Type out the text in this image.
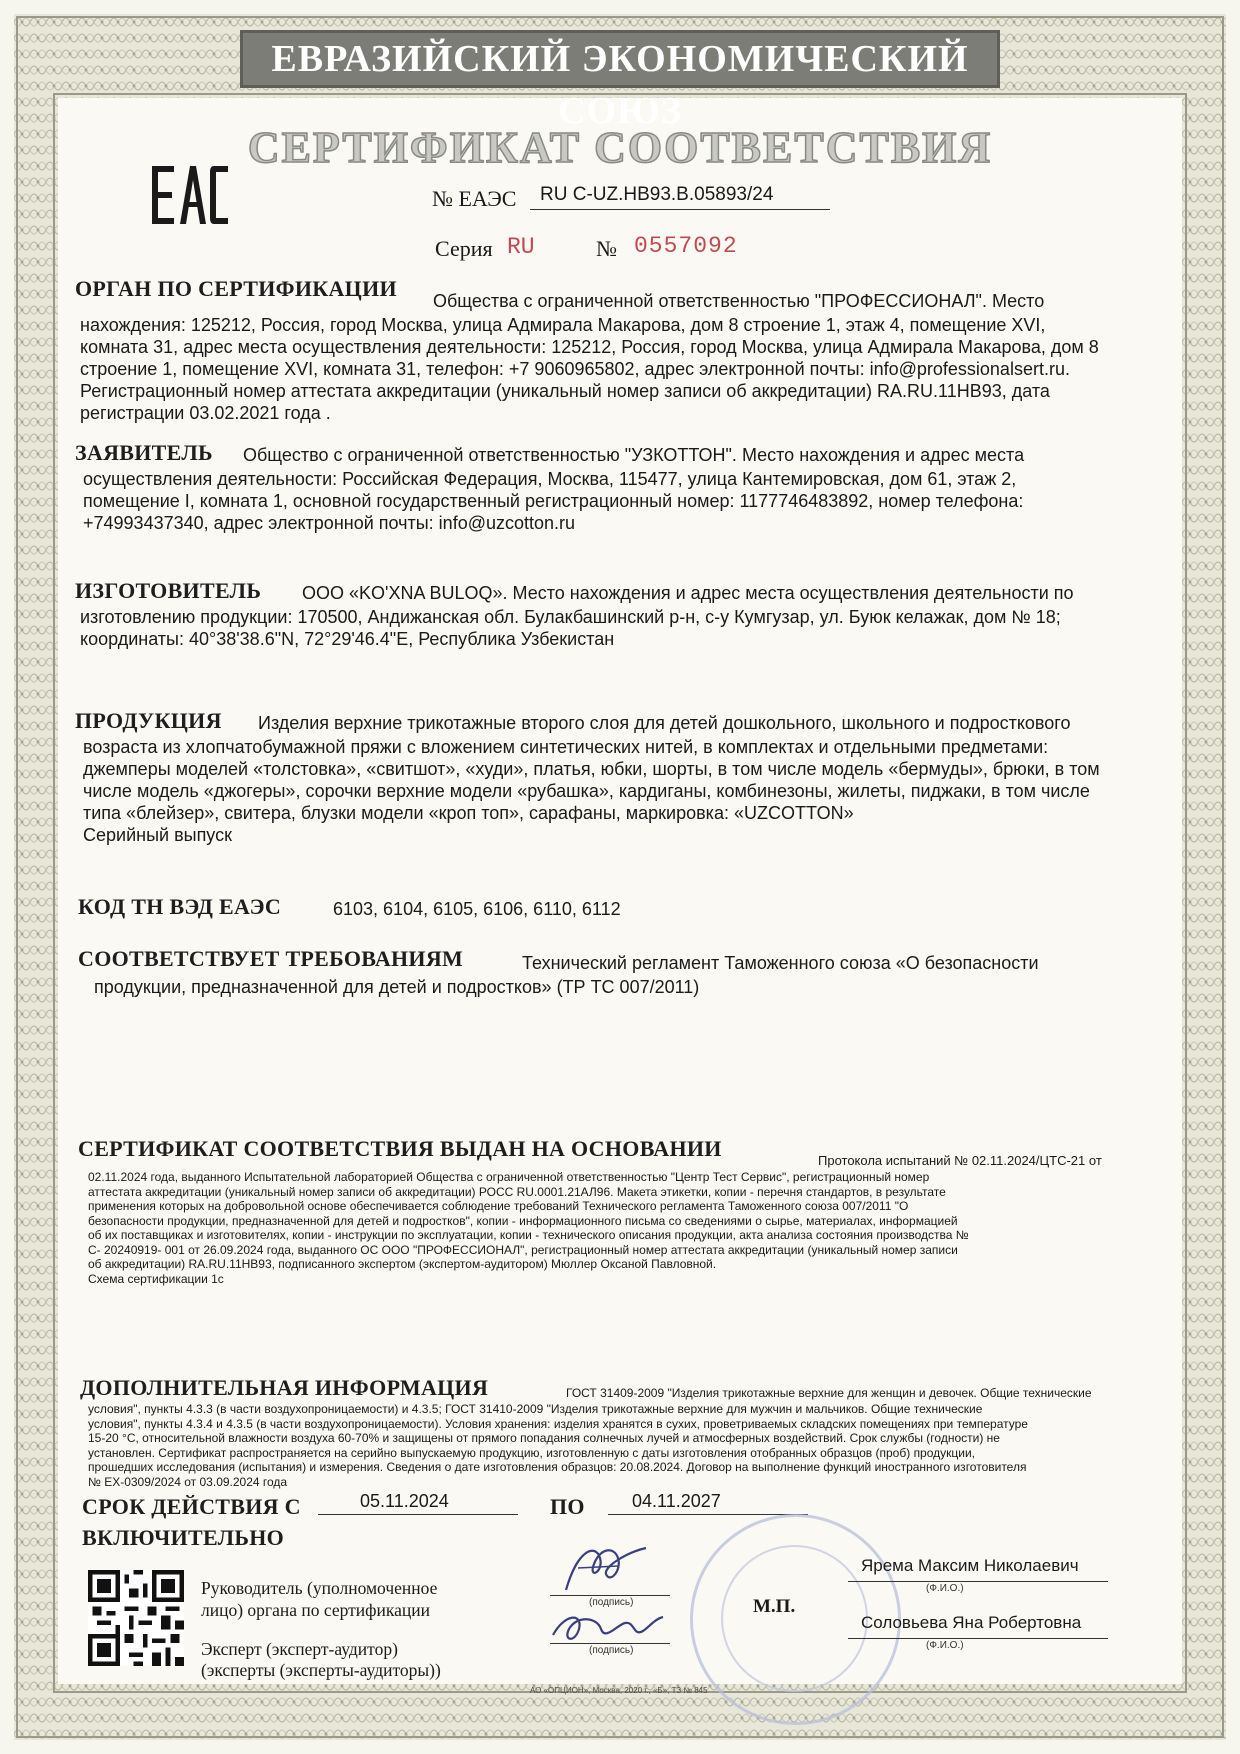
ЕВРАЗИЙСКИЙ ЭКОНОМИЧЕСКИЙ СОЮЗ
СЕРТИФИКАТ СООТВЕТСТВИЯ
№ ЕАЭС RU C-UZ.HB93.B.05893/24
Серия RU	№ 0557092
ОРГАН ПО СЕРТИФИКАЦИИ Общества с ограниченной ответственностью "ПРОФЕССИОНАЛ". Место
нахождения: 125212, Россия, город Москва, улица Адмирала Макарова, дом 8 строение 1, этаж 4, помещение XVI,
комната 31, адрес места осуществления деятельности: 125212, Россия, город Москва, улица Адмирала Макарова, дом 8
строение 1, помещение XVI, комната 31, телефон: +7 9060965802, адрес электронной почты: info@professionalsert.ru.
Регистрационный номер аттестата аккредитации (уникальный номер записи об аккредитации) RA.RU.11HB93, дата
регистрации 03.02.2021 года .
ЗАЯВИТЕЛЬ Общество с ограниченной ответственностью "УЗКОТТОН". Место нахождения и адрес места
осуществления деятельности: Российская Федерация, Москва, 115477, улица Кантемировская, дом 61, этаж 2,
помещение I, комната 1, основной государственный регистрационный номер: 1177746483892, номер телефона:
+74993437340, адрес электронной почты: info@uzcotton.ru
ИЗГОТОВИТЕЛЬ ООО «KO'XNA BULOQ». Место нахождения и адрес места осуществления деятельности по
изготовлению продукции: 170500, Андижанская обл. Булакбашинский р-н, с-у Кумгузар, ул. Буюк келажак, дом № 18;
координаты: 40°38'38.6"N, 72°29'46.4"E, Республика Узбекистан
ПРОДУКЦИЯ Изделия верхние трикотажные второго слоя для детей дошкольного, школьного и подросткового
возраста из хлопчатобумажной пряжи с вложением синтетических нитей, в комплектах и отдельными предметами:
джемперы моделей «толстовка», «свитшот», «худи», платья, юбки, шорты, в том числе модель «бермуды», брюки, в том
числе модель «джогеры», сорочки верхние модели «рубашка», кардиганы, комбинезоны, жилеты, пиджаки, в том числе
типа «блейзер», свитера, блузки модели «кроп топ», сарафаны, маркировка: «UZCOTTON»
Серийный выпуск
КОД ТН ВЭД ЕАЭС	6103, 6104, 6105, 6106, 6110, 6112
СООТВЕТСТВУЕТ ТРЕБОВАНИЯМ	Технический регламент Таможенного союза «О безопасности
продукции, предназначенной для детей и подростков» (ТР ТС 007/2011)
СЕРТИФИКАТ СООТВЕТСТВИЯ ВЫДАН НА ОСНОВАНИИ	Протокола испытаний № 02.11.2024/ЦТС-21 от
02.11.2024 года, выданного Испытательной лабораторией Общества с ограниченной ответственностью "Центр Тест Сервис", регистрационный номер
аттестата аккредитации (уникальный номер записи об аккредитации) РОСС RU.0001.21АЛ96. Макета этикетки, копии - перечня стандартов, в результате
применения которых на добровольной основе обеспечивается соблюдение требований Технического регламента Таможенного союза 007/2011 "О
безопасности продукции, предназначенной для детей и подростков", копии - информационного письма со сведениями о сырье, материалах, информацией
об их поставщиках и изготовителях, копии - инструкции по эксплуатации, копии - технического описания продукции, акта анализа состояния производства №
С- 20240919- 001 от 26.09.2024 года, выданного ОС ООО "ПРОФЕССИОНАЛ", регистрационный номер аттестата аккредитации (уникальный номер записи
об аккредитации) RA.RU.11HB93, подписанного экспертом (экспертом-аудитором) Мюллер Оксаной Павловной.
Схема сертификации 1с
ДОПОЛНИТЕЛЬНАЯ ИНФОРМАЦИЯ	ГОСТ 31409-2009 "Изделия трикотажные верхние для женщин и девочек. Общие технические
условия", пункты 4.3.3 (в части воздухопроницаемости) и 4.3.5; ГОСТ 31410-2009 "Изделия трикотажные верхние для мужчин и мальчиков. Общие технические
условия", пункты 4.3.4 и 4.3.5 (в части воздухопроницаемости). Условия хранения: изделия хранятся в сухих, проветриваемых складских помещениях при температуре
15-20 °С, относительной влажности воздуха 60-70% и защищены от прямого попадания солнечных лучей и атмосферных воздействий. Срок службы (годности) не
установлен. Сертификат распространяется на серийно выпускаемую продукцию, изготовленную с даты изготовления отобранных образцов (проб) продукции,
прошедших исследования (испытания) и измерения. Сведения о дате изготовления образцов: 20.08.2024. Договор на выполнение функций иностранного изготовителя
№ EX-0309/2024 от 03.09.2024 года
СРОК ДЕЙСТВИЯ С	05.11.2024	ПО	04.11.2027
ВКЛЮЧИТЕЛЬНО
Руководитель (уполномоченное
лицо) органа по сертификации
Эксперт (эксперт-аудитор)
(эксперты (эксперты-аудиторы))
(подпись)
(подпись)
М.П.
Ярема Максим Николаевич
(Ф.И.О.)
Соловьева Яна Робертовна
(Ф.И.О.)
АО «ОПЦИОН», Москва, 2020 г., «Б», ТЗ № 845
